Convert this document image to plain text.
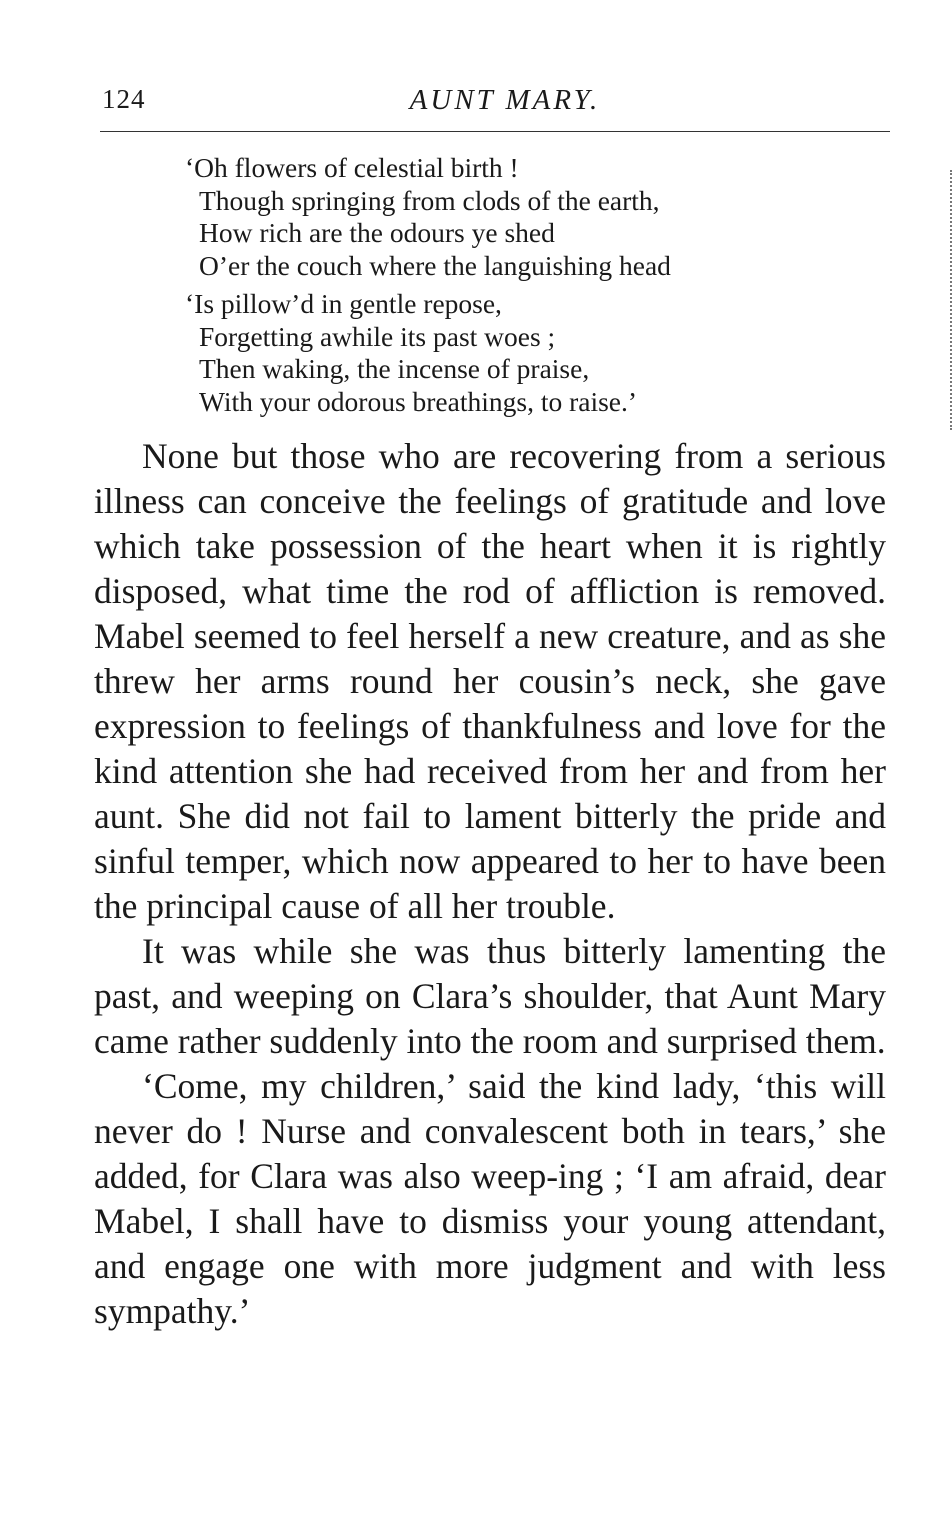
124	AUNT MARY.
‘Oh flowers of celestial birth !
Though springing from clods of the earth,
How rich are the odours ye shed
O’er the couch where the languishing head
‘Is pillow’d in gentle repose,
Forgetting awhile its past woes ;
Then waking, the incense of praise,
With your odorous breathings, to raise.’

None but those who are recovering from a serious illness can conceive the feelings of gratitude and love which take possession of the heart when it is rightly disposed, what time the rod of affliction is removed. Mabel seemed to feel herself a new creature, and as she threw her arms round her cousin’s neck, she gave expression to feelings of thankfulness and love for the kind attention she had received from her and from her aunt. She did not fail to lament bitterly the pride and sinful temper, which now appeared to her to have been the principal cause of all her trouble.

It was while she was thus bitterly lamenting the past, and weeping on Clara’s shoulder, that Aunt Mary came rather suddenly into the room and surprised them.

‘Come, my children,’ said the kind lady, ‘this will never do ! Nurse and convalescent both in tears,’ she added, for Clara was also weep-ing ; ‘I am afraid, dear Mabel, I shall have to dismiss your young attendant, and engage one with more judgment and with less sympathy.’
